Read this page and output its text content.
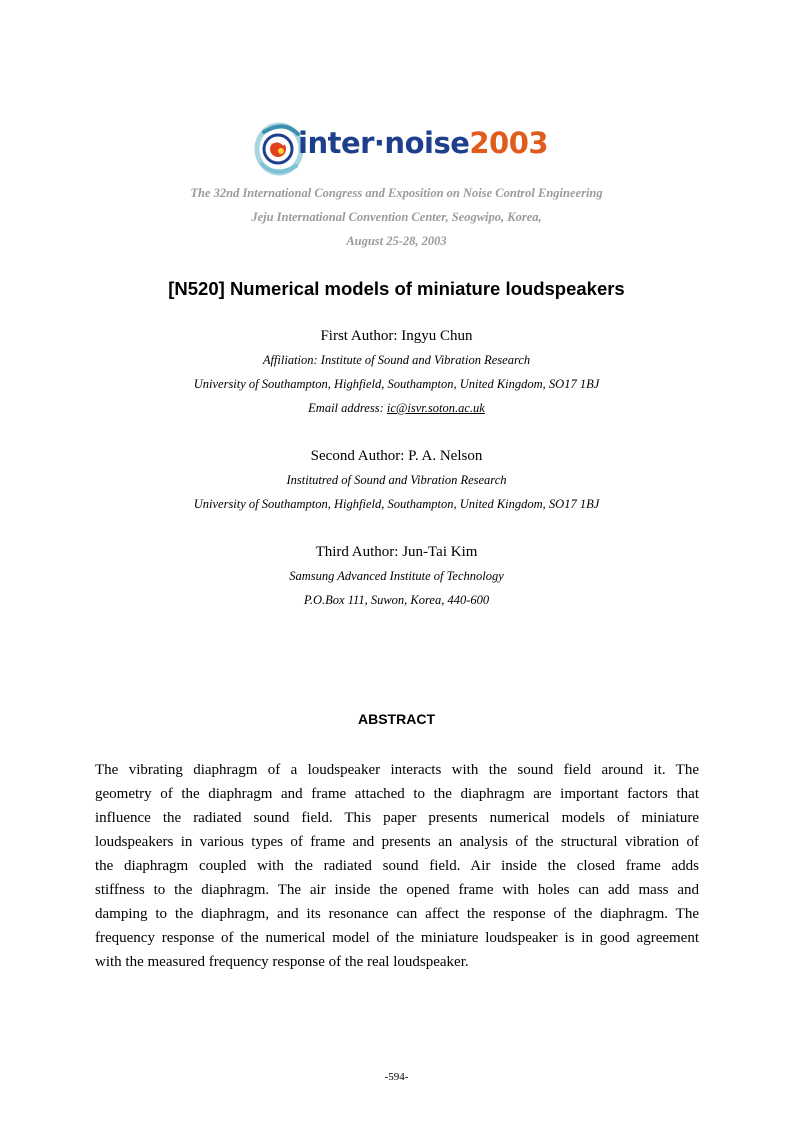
inter·noise2003
The 32nd International Congress and Exposition on Noise Control Engineering
Jeju International Convention Center, Seogwipo, Korea,
August 25-28, 2003
[N520] Numerical models of miniature loudspeakers
First Author: Ingyu Chun
Affiliation: Institute of Sound and Vibration Research
University of Southampton, Highfield, Southampton, United Kingdom, SO17 1BJ
Email address: ic@isvr.soton.ac.uk
Second Author: P. A. Nelson
Institutred of Sound and Vibration Research
University of Southampton, Highfield, Southampton, United Kingdom, SO17 1BJ
Third Author: Jun-Tai Kim
Samsung Advanced Institute of Technology
P.O.Box 111, Suwon, Korea, 440-600
ABSTRACT
The vibrating diaphragm of a loudspeaker interacts with the sound field around it. The
geometry of the diaphragm and frame attached to the diaphragm are important factors that
influence the radiated sound field. This paper presents numerical models of miniature
loudspeakers in various types of frame and presents an analysis of the structural vibration of
the diaphragm coupled with the radiated sound field. Air inside the closed frame adds
stiffness to the diaphragm. The air inside the opened frame with holes can add mass and
damping to the diaphragm, and its resonance can affect the response of the diaphragm. The
frequency response of the numerical model of the miniature loudspeaker is in good agreement
with the measured frequency response of the real loudspeaker.
-594-
